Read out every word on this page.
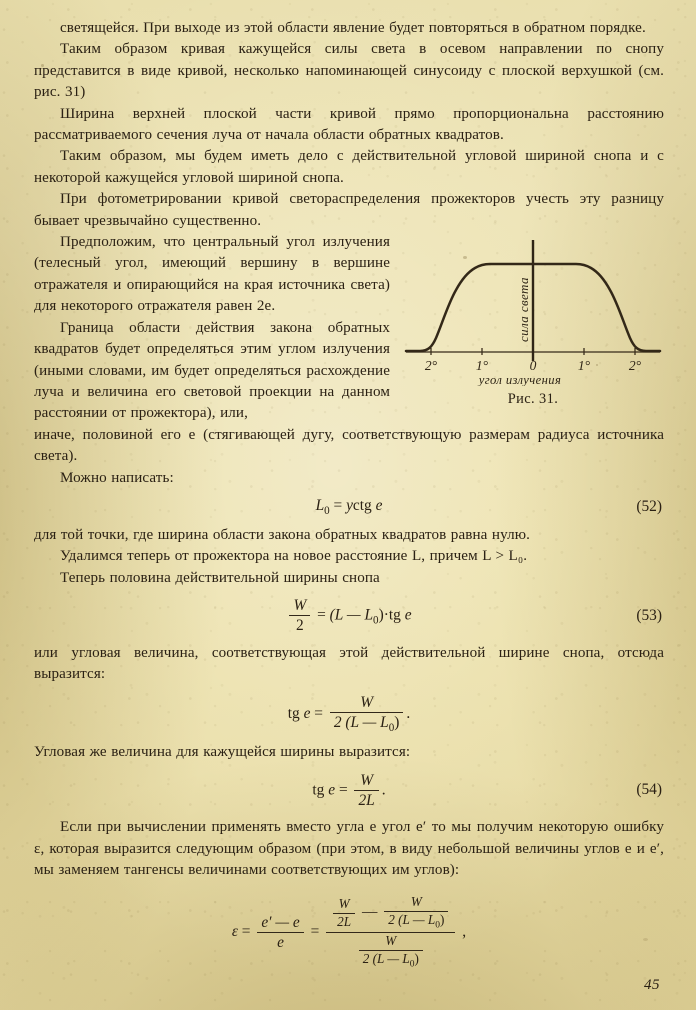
светящейся. При выходе из этой области явление будет повторяться в обратном порядке.

Таким образом кривая кажущейся силы света в осевом направлении по снопу представится в виде кривой, несколько напоминающей синусоиду с плоской верхушкой (см. рис. 31)

Ширина верхней плоской части кривой прямо пропорциональна расстоянию рассматриваемого сечения луча от начала области обратных квадратов.

Таким образом, мы будем иметь дело с действительной угловой шириной снопа и с некоторой кажущейся угловой шириной снопа.

При фотометрировании кривой светораспределения прожекторов учесть эту разницу бывает чрезвычайно существенно.

2°	1°	0	1°	2°
сила света
угол излучения
Рис. 31.

Предположим, что центральный угол излучения (телесный угол, имеющий вершину в вершине отражателя и опирающийся на края источника света) для некоторого отражателя равен 2e.

Граница области действия закона обратных квадратов будет определяться этим углом излучения (иными словами, им будет определяться расхождение луча и величина его световой проекции на данном расстоянии от прожектора), или,

иначе, половиной его e (стягивающей дугу, соответствующую размерам радиуса источника света).

Можно написать:

$L_0$ = yctg e	(52)

для той точки, где ширина области закона обратных квадратов равна нулю.

Удалимся теперь от прожектора на новое расстояние L, причем L > L₀.

Теперь половина действительной ширины снопа

$\frac{W}{2} = (L$ — $L_0)\cdot tg$ e	(53)

или угловая величина, соответствующая этой действительной ширине снопа, отсюда выразится:

tg $e = \frac{W}{2 (L — L_0)}$ .

Угловая же величина для кажущейся ширины выразится:

tg $e = \frac{W}{2L}$ .	(54)

Если при вычислении применять вместо угла e угол e′ то мы получим некоторую ошибку ε, которая выразится следующим образом (при этом, в виду небольшой величины углов e и e′, мы заменяем тангенсы величинами соответствующих им углов):

$\varepsilon = \frac{e' — e}{e}$ =
$\frac{W}{2L}$ — $\frac{W}{2 (L — L_0)}$
$\frac{W}{2 (L — L_0)}$
,
45
